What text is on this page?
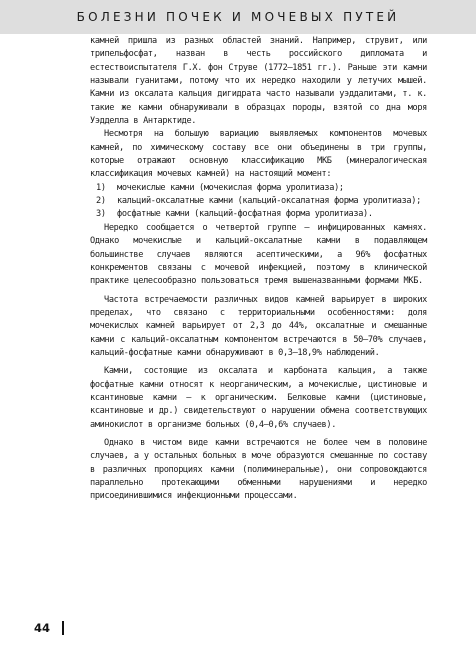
БОЛЕЗНИ ПОЧЕК И МОЧЕВЫХ ПУТЕЙ

камней пришла из разных областей знаний. Например, струвит, или трипельфосфат, назван в честь российского дипломата и естествоиспытателя Г.Х. фон Струве (1772–1851 гг.). Раньше эти камни называли гуанитами, потому что их нередко находили у летучих мышей. Камни из оксалата кальция дигидрата часто называли уэддалитами, т. к. такие же камни обнаруживали в образцах породы, взятой со дна моря Уэдделла в Антарктиде.

Несмотря на большую вариацию выявляемых компонентов мочевых камней, по химическому составу все они объединены в три группы, которые отражают основную классификацию МКБ (минералогическая классификация мочевых камней) на настоящий момент:

1)	мочекислые камни (мочекислая форма уролитиаза);
2)	кальций-оксалатные камни (кальций-оксалатная форма уролитиаза);
3)	фосфатные камни (кальций-фосфатная форма уролитиаза).

Нередко сообщается о четвертой группе — инфицированных камнях. Однако мочекислые и кальций-оксалатные камни в подавляющем большинстве случаев являются асептическими, а 96% фосфатных конкрементов связаны с мочевой инфекцией, поэтому в клинической практике целесообразно пользоваться тремя вышеназванными формами МКБ.

Частота встречаемости различных видов камней варьирует в широких пределах, что связано с территориальными особенностями: доля мочекислых камней варьирует от 2,3 до 44%, оксалатные и смешанные камни с кальций-оксалатным компонентом встречаются в 50–70% случаев, кальций-фосфатные камни обнаруживают в 0,3–18,9% наблюдений.

Камни, состоящие из оксалата и карбоната кальция, а также фосфатные камни относят к неорганическим, а мочекислые, цистиновые и ксантиновые камни — к органическим. Белковые камни (цистиновые, ксантиновые и др.) свидетельствуют о нарушении обмена соответствующих аминокислот в организме больных (0,4–0,6% случаев).

Однако в чистом виде камни встречаются не более чем в половине случаев, а у остальных больных в моче образуются смешанные по составу в различных пропорциях камни (полиминеральные), они сопровождаются параллельно протекающими обменными нарушениями и нередко присоединившимися инфекционными процессами.

44
